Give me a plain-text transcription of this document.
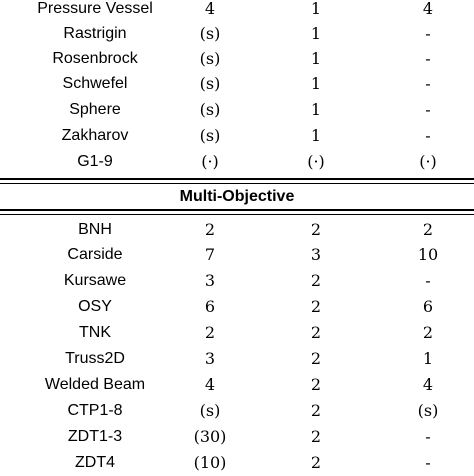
Pressure Vessel	4	1	4
Rastrigin	(s)	1	-
Rosenbrock	(s)	1	-
Schwefel	(s)	1	-
Sphere	(s)	1	-
Zakharov	(s)	1	-
G1-9	(·)	(·)	(·)
Multi-Objective
BNH	2	2	2
Carside	7	3	10
Kursawe	3	2	-
OSY	6	2	6
TNK	2	2	2
Truss2D	3	2	1
Welded Beam	4	2	4
CTP1-8	(s)	2	(s)
ZDT1-3	(30)	2	-
ZDT4	(10)	2	-
